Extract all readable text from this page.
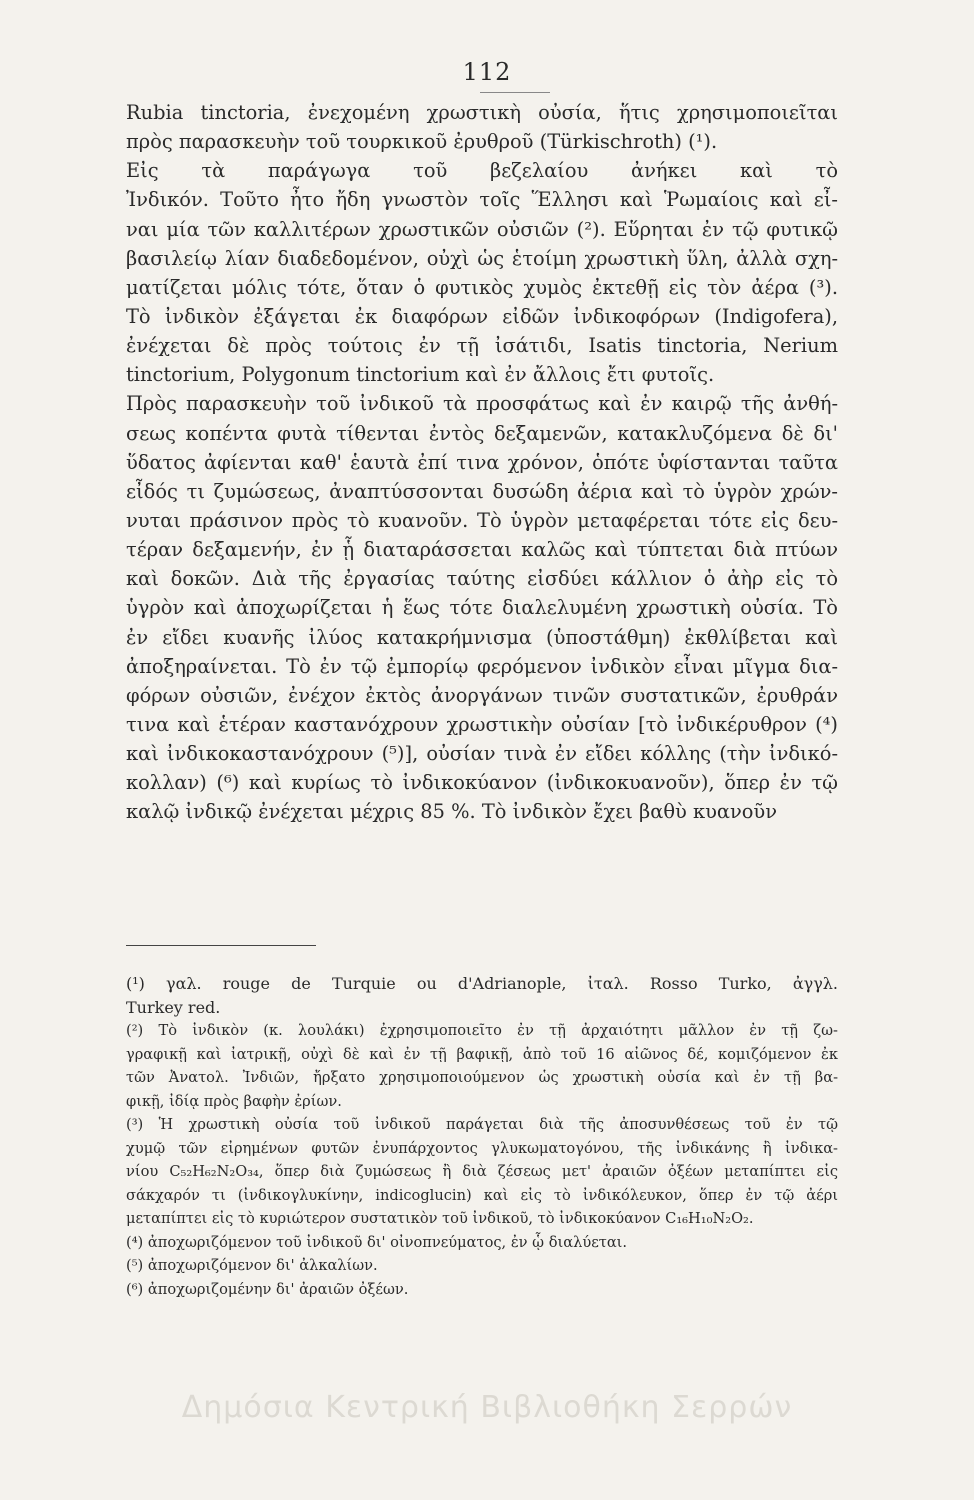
112
Rubia tinctoria, ἐνεχομένη χρωστικὴ οὐσία, ἥτις χρησιμοποιεῖται
πρὸς παρασκευὴν τοῦ τουρκικοῦ ἐρυθροῦ (Türkischroth) (¹).
Εἰς τὰ παράγωγα τοῦ βεζελαίου ἀνήκει καὶ τὸ
Ἰνδικόν. Τοῦτο ἦτο ἤδη γνωστὸν τοῖς Ἕλλησι καὶ Ῥωμαίοις καὶ εἶ-
ναι μία τῶν καλλιτέρων χρωστικῶν οὐσιῶν (²). Εὕρηται ἐν τῷ φυτικῷ
βασιλείῳ λίαν διαδεδομένον, οὐχὶ ὡς ἑτοίμη χρωστικὴ ὕλη, ἀλλὰ σχη-
ματίζεται μόλις τότε, ὅταν ὁ φυτικὸς χυμὸς ἐκτεθῇ εἰς τὸν ἀέρα (³).
Τὸ ἰνδικὸν ἐξάγεται ἐκ διαφόρων εἰδῶν ἰνδικοφόρων (Indigofera),
ἐνέχεται δὲ πρὸς τούτοις ἐν τῇ ἰσάτιδι, Isatis tinctoria, Nerium
tinctorium, Polygonum tinctorium καὶ ἐν ἄλλοις ἔτι φυτοῖς.
Πρὸς παρασκευὴν τοῦ ἰνδικοῦ τὰ προσφάτως καὶ ἐν καιρῷ τῆς ἀνθή-
σεως κοπέντα φυτὰ τίθενται ἐντὸς δεξαμενῶν, κατακλυζόμενα δὲ δι'
ὕδατος ἀφίενται καθ' ἑαυτὰ ἐπί τινα χρόνον, ὁπότε ὑφίστανται ταῦτα
εἶδός τι ζυμώσεως, ἀναπτύσσονται δυσώδη ἀέρια καὶ τὸ ὑγρὸν χρών-
νυται πράσινον πρὸς τὸ κυανοῦν. Τὸ ὑγρὸν μεταφέρεται τότε εἰς δευ-
τέραν δεξαμενήν, ἐν ᾗ διαταράσσεται καλῶς καὶ τύπτεται διὰ πτύων
καὶ δοκῶν. Διὰ τῆς ἐργασίας ταύτης εἰσδύει κάλλιον ὁ ἀὴρ εἰς τὸ
ὑγρὸν καὶ ἀποχωρίζεται ἡ ἕως τότε διαλελυμένη χρωστικὴ οὐσία. Τὸ
ἐν εἴδει κυανῆς ἰλύος κατακρήμνισμα (ὑποστάθμη) ἐκθλίβεται καὶ
ἀποξηραίνεται. Τὸ ἐν τῷ ἐμπορίῳ φερόμενον ἰνδικὸν εἶναι μῖγμα δια-
φόρων οὐσιῶν, ἐνέχον ἐκτὸς ἀνοργάνων τινῶν συστατικῶν, ἐρυθράν
τινα καὶ ἑτέραν καστανόχρουν χρωστικὴν οὐσίαν [τὸ ἰνδικέρυθρον (⁴)
καὶ ἰνδικοκαστανόχρουν (⁵)], οὐσίαν τινὰ ἐν εἴδει κόλλης (τὴν ἰνδικό-
κολλαν) (⁶) καὶ κυρίως τὸ ἰνδικοκύανον (ἰνδικοκυανοῦν), ὅπερ ἐν τῷ
καλῷ ἰνδικῷ ἐνέχεται μέχρις 85 %. Τὸ ἰνδικὸν ἔχει βαθὺ κυανοῦν
(¹) γαλ. rouge de Turquie ou d'Adrianople, ἰταλ. Rosso Turko, ἀγγλ.
Turkey red.
(²) Τὸ ἰνδικὸν (κ. λουλάκι) ἐχρησιμοποιεῖτο ἐν τῇ ἀρχαιότητι μᾶλλον ἐν τῇ ζω-
γραφικῇ καὶ ἰατρικῇ, οὐχὶ δὲ καὶ ἐν τῇ βαφικῇ, ἀπὸ τοῦ 16 αἰῶνος δέ, κομιζόμενον ἐκ
τῶν Ἀνατολ. Ἰνδιῶν, ἤρξατο χρησιμοποιούμενον ὡς χρωστικὴ οὐσία καὶ ἐν τῇ βα-
φικῇ, ἰδίᾳ πρὸς βαφὴν ἐρίων.
(³) Ἡ χρωστικὴ οὐσία τοῦ ἰνδικοῦ παράγεται διὰ τῆς ἀποσυνθέσεως τοῦ ἐν τῷ
χυμῷ τῶν εἰρημένων φυτῶν ἐνυπάρχοντος γλυκωματογόνου, τῆς ἰνδικάνης ἢ ἰνδικα-
νίου C₅₂H₆₂N₂O₃₄, ὅπερ διὰ ζυμώσεως ἢ διὰ ζέσεως μετ' ἀραιῶν ὀξέων μεταπίπτει εἰς
σάκχαρόν τι (ἰνδικογλυκίνην, indicoglucin) καὶ εἰς τὸ ἰνδικόλευκον, ὅπερ ἐν τῷ ἀέρι
μεταπίπτει εἰς τὸ κυριώτερον συστατικὸν τοῦ ἰνδικοῦ, τὸ ἰνδικοκύανον C₁₆H₁₀N₂O₂.
(⁴) ἀποχωριζόμενον τοῦ ἰνδικοῦ δι' οἰνοπνεύματος, ἐν ᾧ διαλύεται.
(⁵) ἀποχωριζόμενον δι' ἀλκαλίων.
(⁶) ἀποχωριζομένην δι' ἀραιῶν ὀξέων.
Δημόσια Κεντρική Βιβλιοθήκη Σερρών
